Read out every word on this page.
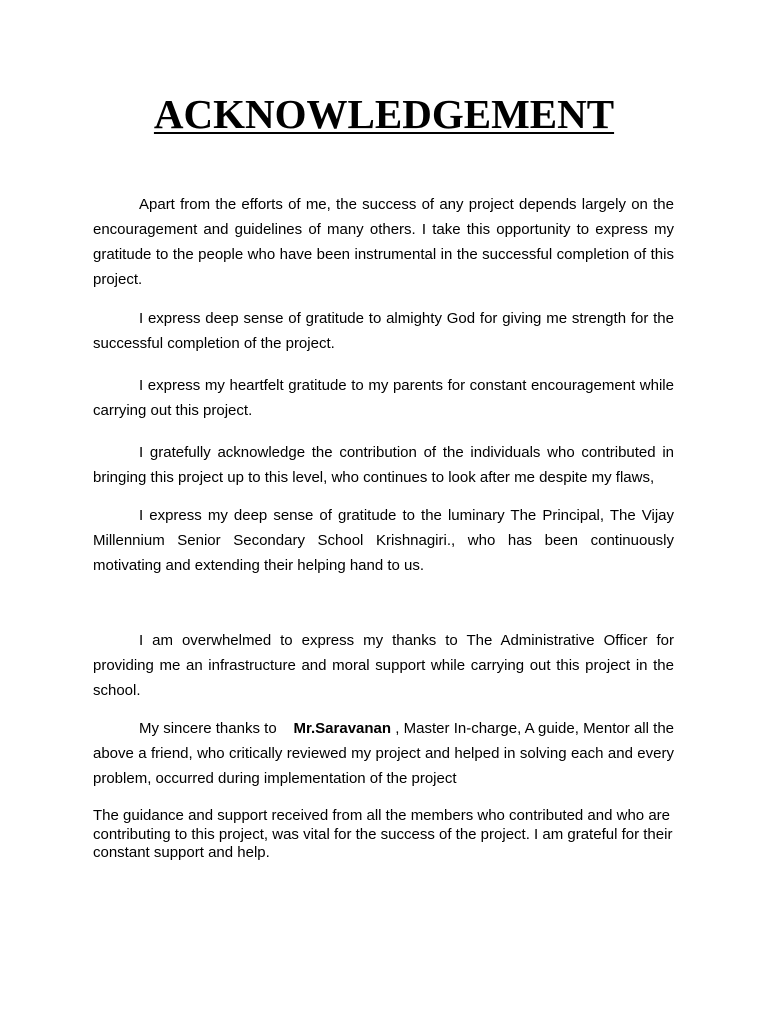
ACKNOWLEDGEMENT

Apart from the efforts of me, the success of any project depends largely on the encouragement and guidelines of many others. I take this opportunity to express my gratitude to the people who have been instrumental in the successful completion of this project.

I express deep sense of gratitude to almighty God for giving me strength for the successful completion of the project.

I express my heartfelt gratitude to my parents for constant encouragement while carrying out this project.

I gratefully acknowledge the contribution of the individuals who contributed in bringing this project up to this level, who continues to look after me despite my flaws,

I express my deep sense of gratitude to the luminary The Principal, The Vijay Millennium Senior Secondary School Krishnagiri., who has been continuously motivating and extending their helping hand to us.

I am overwhelmed to express my thanks to The Administrative Officer for providing me an infrastructure and moral support while carrying out this project in the school.

My sincere thanks to Mr.Saravanan , Master In-charge, A guide, Mentor all the above a friend, who critically reviewed my project and helped in solving each and every problem, occurred during implementation of the project

The guidance and support received from all the members who contributed and who are contributing to this project, was vital for the success of the project. I am grateful for their constant support and help.
